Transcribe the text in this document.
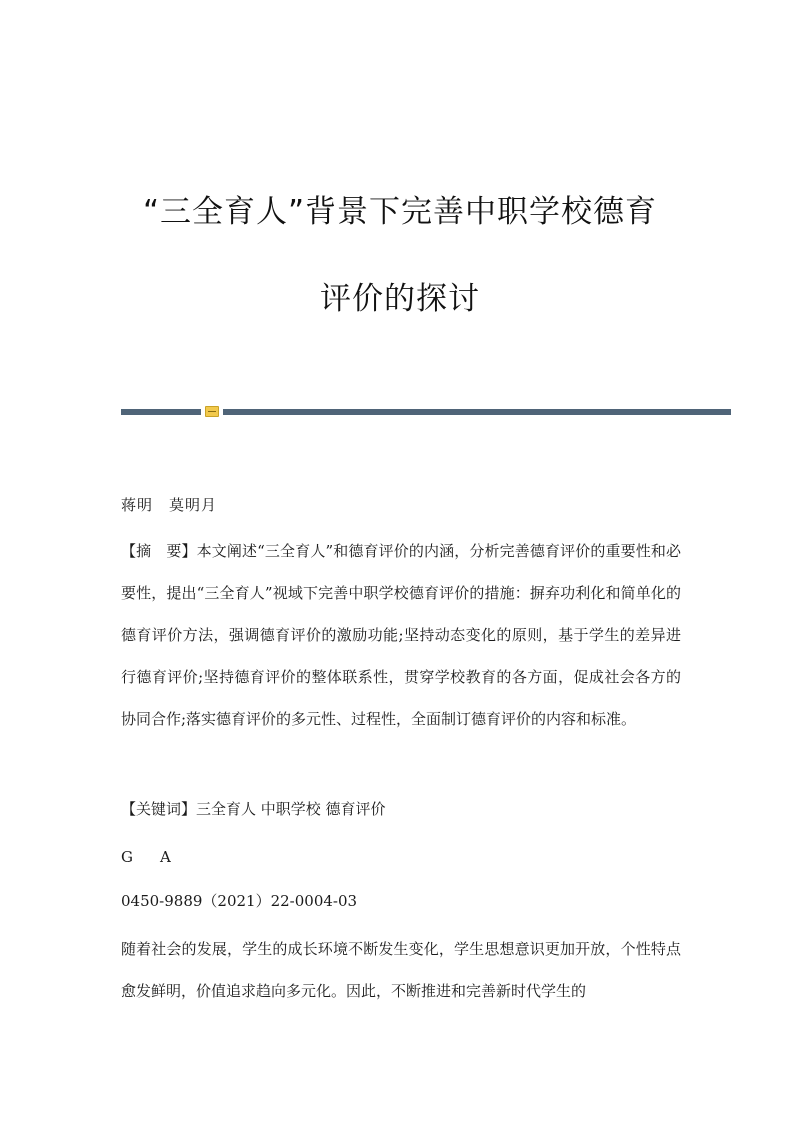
“三全育人”背景下完善中职学校德育
评价的探讨
蒋明　莫明月
【摘　要】本文阐述“三全育人”和德育评价的内涵，分析完善德育评价的重要性和必要性，提出“三全育人”视域下完善中职学校德育评价的措施：摒弃功利化和简单化的德育评价方法，强调德育评价的激励功能;坚持动态变化的原则，基于学生的差异进行德育评价;坚持德育评价的整体联系性，贯穿学校教育的各方面，促成社会各方的协同合作;落实德育评价的多元性、过程性，全面制订德育评价的内容和标准。
【关键词】三全育人 中职学校 德育评价
G　A
0450-9889（2021）22-0004-03
随着社会的发展，学生的成长环境不断发生变化，学生思想意识更加开放，个性特点愈发鲜明，价值追求趋向多元化。因此，不断推进和完善新时代学生的
